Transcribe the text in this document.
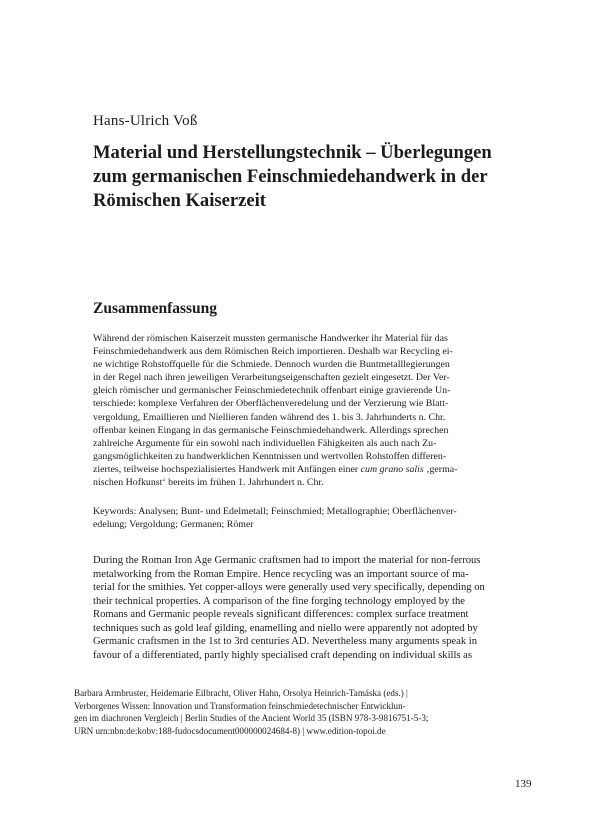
Hans-Ulrich Voß
Material und Herstellungstechnik – Überlegungen
zum germanischen Feinschmiedehandwerk in der
Römischen Kaiserzeit
Zusammenfassung
Während der römischen Kaiserzeit mussten germanische Handwerker ihr Material für das
Feinschmiedehandwerk aus dem Römischen Reich importieren. Deshalb war Recycling ei-
ne wichtige Rohstoffquelle für die Schmiede. Dennoch wurden die Buntmetalllegierungen
in der Regel nach ihren jeweiligen Verarbeitungseigenschaften gezielt eingesetzt. Der Ver-
gleich römischer und germanischer Feinschmiedetechnik offenbart einige gravierende Un-
terschiede: komplexe Verfahren der Oberflächenveredelung und der Verzierung wie Blatt-
vergoldung, Emaillieren und Niellieren fanden während des 1. bis 3. Jahrhunderts n. Chr.
offenbar keinen Eingang in das germanische Feinschmiedehandwerk. Allerdings sprechen
zahlreiche Argumente für ein sowohl nach individuellen Fähigkeiten als auch nach Zu-
gangsmöglichkeiten zu handwerklichen Kenntnissen und wertvollen Rohstoffen differen-
ziertes, teilweise hochspezialisiertes Handwerk mit Anfängen einer cum grano salis ‚germa-
nischen Hofkunst‘ bereits im frühen 1. Jahrhundert n. Chr.
Keywords: Analysen; Bunt- und Edelmetall; Feinschmied; Metallographie; Oberflächenver-
edelung; Vergoldung; Germanen; Römer
During the Roman Iron Age Germanic craftsmen had to import the material for non-ferrous
metalworking from the Roman Empire. Hence recycling was an important source of ma-
terial for the smithies. Yet copper-alloys were generally used very specifically, depending on
their technical properties. A comparison of the fine forging technology employed by the
Romans and Germanic people reveals significant differences: complex surface treatment
techniques such as gold leaf gilding, enamelling and niello were apparently not adopted by
Germanic craftsmen in the 1st to 3rd centuries AD. Nevertheless many arguments speak in
favour of a differentiated, partly highly specialised craft depending on individual skills as
Barbara Armbruster, Heidemarie Eilbracht, Oliver Hahn, Orsolya Heinrich-Tamáska (eds.) |
Verborgenes Wissen: Innovation und Transformation feinschmiedetechnischer Entwicklun-
gen im diachronen Vergleich | Berlin Studies of the Ancient World 35 (ISBN 978-3-9816751-5-3;
URN urn:nbn:de:kobv:188-fudocsdocument000000024684-8) | www.edition-topoi.de
139
